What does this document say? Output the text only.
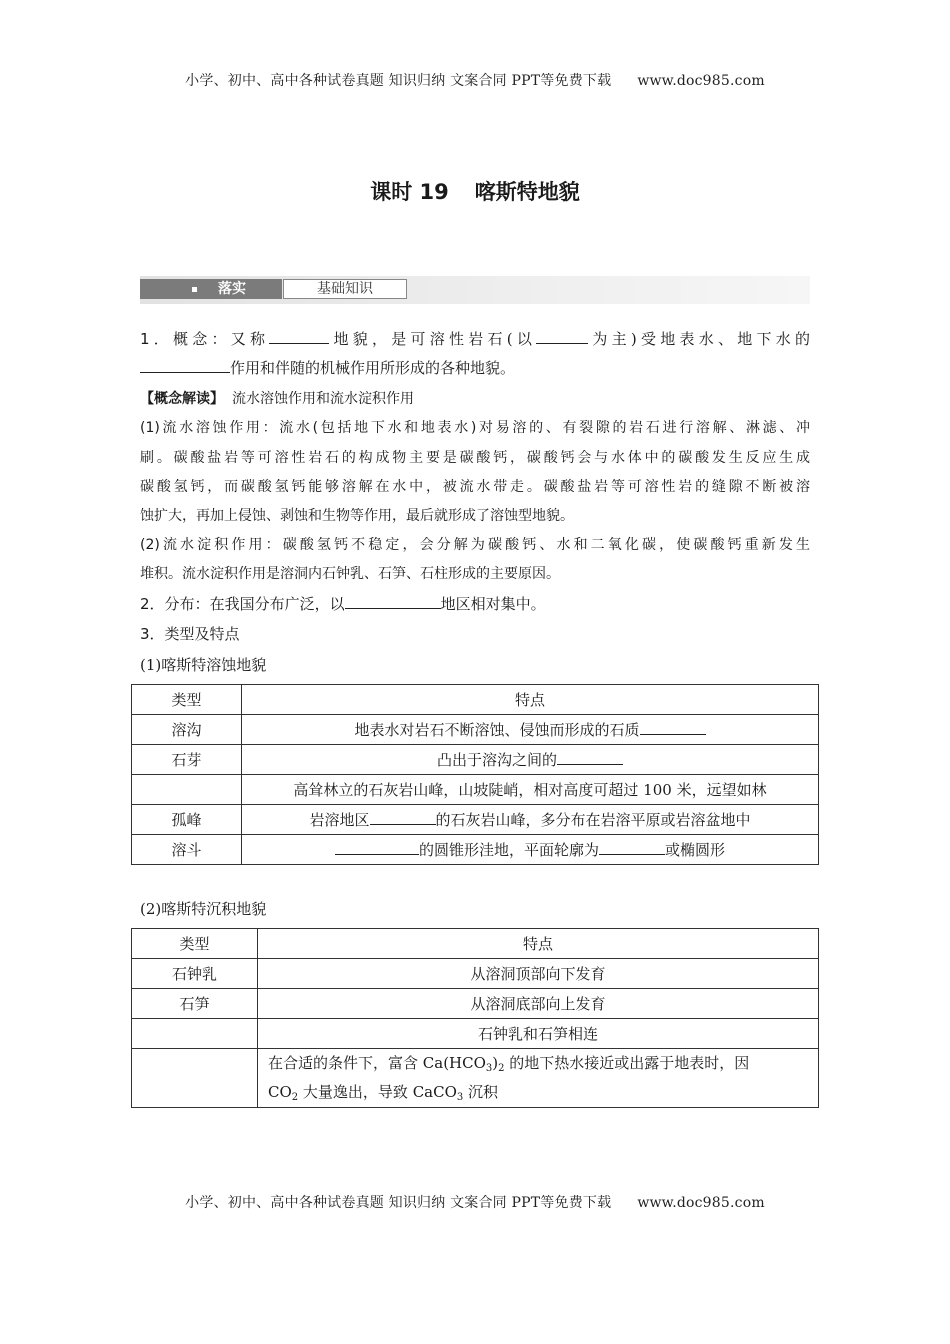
小学、初中、高中各种试卷真题 知识归纳 文案合同 PPT等免费下载 www.doc985.com
课时 19 喀斯特地貌
落实	基础知识
1．概念：又称	地貌，是可溶性岩石(以	为主)受地表水、地下水的
作用和伴随的机械作用所形成的各种地貌。
【概念解读】 流水溶蚀作用和流水淀积作用
(1)流水溶蚀作用：流水(包括地下水和地表水)对易溶的、有裂隙的岩石进行溶解、淋滤、冲
刷。碳酸盐岩等可溶性岩石的构成物主要是碳酸钙，碳酸钙会与水体中的碳酸发生反应生成
碳酸氢钙，而碳酸氢钙能够溶解在水中，被流水带走。碳酸盐岩等可溶性岩的缝隙不断被溶
蚀扩大，再加上侵蚀、剥蚀和生物等作用，最后就形成了溶蚀型地貌。
(2)流水淀积作用：碳酸氢钙不稳定，会分解为碳酸钙、水和二氧化碳，使碳酸钙重新发生
堆积。流水淀积作用是溶洞内石钟乳、石笋、石柱形成的主要原因。
2．分布：在我国分布广泛，以	地区相对集中。
3．类型及特点
(1)喀斯特溶蚀地貌
类型	特点
溶沟	地表水对岩石不断溶蚀、侵蚀而形成的石质
石芽	凸出于溶沟之间的
	高耸林立的石灰岩山峰，山坡陡峭，相对高度可超过 100 米，远望如林
孤峰	岩溶地区 的石灰岩山峰，多分布在岩溶平原或岩溶盆地中
溶斗	的圆锥形洼地，平面轮廓为 或椭圆形
(2)喀斯特沉积地貌
类型	特点
石钟乳	从溶洞顶部向下发育
石笋	从溶洞底部向上发育
	石钟乳和石笋相连

	在合适的条件下，富含 $Ca(HCO_3)_2$ 的地下热水接近或出露于地表时，因
$CO_2$ 大量逸出，导致 CaCO$_3$ 沉积
小学、初中、高中各种试卷真题 知识归纳 文案合同 PPT等免费下载 www.doc985.com
